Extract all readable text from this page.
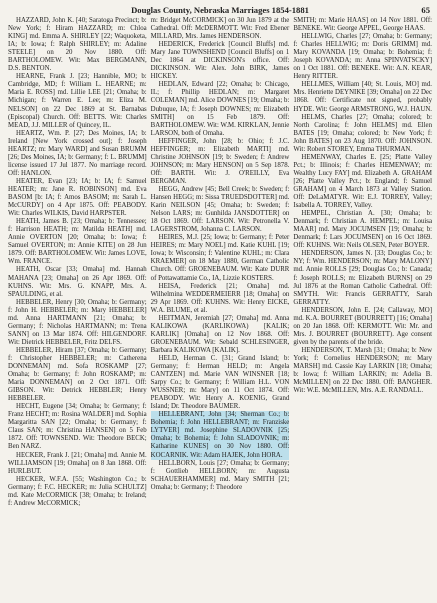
Douglas County, Nebraska Marriages 1854-1881	65

HAZZARD, John K. [40; Saratoga Precinct; b: New York; f: Hiram HAZZARD; m: Chloa KING] md. Emma A. SHIRLEY [22; Waquoketa, IA; b: Iowa; f: Ralph SHIRLEY; m: Adaline STEELE] on 20 Nov 1880. Off: BARTHOLOMEW. Wit: Max BERGMANN, D.S. BENTON.

HEARNE, Frank J. [23; Hannible, MO; b: Cambridge, MD; f: William L. HEARNE; m: Maria E. ROSS] md. Lillie LEE [21; Omaha; b: Michigan; f: Warren E. Lee; m: Eliza M. NELSON] on 22 Dec 1869 at St. Barnabas (Episcopal) Church. Off: BETTS. Wit: Charles MEAD, J.J. MILLER of Quincey, IL.

HEARTZ, Wm. P. [27; Des Moines, IA; b: Ireland [New York crossed out]; f: Joseph HEARTZ; m: Mary WARD] and Susan BRUMM [26; Des Moines, IA; b: Germany; f: L. BRUMM] license issued 17 Jul 1877. No marriage record. Off: HANLON.

HEATER, Evan [23; IA; b: IA; f: Samuel HEATER; m: Jane R. ROBINSON] md. Eva BASOM [b: IA; f: Amos BASOM; m: Sarah L. McCURDY] on 4 Apr 1875. Off: PEABODY. Wit: Charles WILKIS, David HARPSTER.

HEATH, James B. [23; Omaha; b: Tennessee; f: Harrison HEATH; m: Matilda HEATH] md. Annie OVERTON [20; Omaha; b: Iowa; f: Samuel OVERTON; m: Annie KITE] on 28 Jun 1879. Off: BARTHOLOMEW. Wit: James LOVE, Wm. FRANCE.

HEATH, Oscar [33; Omaha] md. Hannah MAHANA [23; Omaha] on 26 Apr 1869. Off: KUHNS. Wit: Mrs. G. KNAPP, Mrs. A. SPAULDING, et al.

HEBBELER, Henry [30; Omaha; b: Germany; f: John H. HEBBELER; m: Mary HEBBELER] md. Anna HARTMANN [21; Omaha; b: Germany; f: Nicholas HARTMANN; m: Trena SANN] on 13 Mar 1874. Off: HILGENDORF. Wit: Dietrick HEBBELER, Fritz DELFS.

HEBBELER, Hiram [37; Omaha; b: Germany; f: Christopher HEBBELER; m: Catherena DONNEMAN] md. Sofa ROSKAMP [27; Omaha; b: Germany; f: John ROSKAMP; m: Maria DONNEMAN] on 2 Oct 1871. Off: GIBSON. Wit: Detrick HEBBLER; Henry HEBBELER.

HECHT, Eugene [34; Omaha; b: Germany; f: Franz HECHT; m: Rosina WALDER] md. Sophia Margaritta SAN [22; Omaha; b: Germany; f: Claus SAN; m: Christina HANSEN] on 5 Feb 1872. Off: TOWNSEND. Wit: Theodore BECK; Ben NARZ.

HECKER, Frank J. [21; Omaha] md. Annie M. WILLIAMSON [19; Omaha] on 8 Jan 1868. Off: HURLBUT.

HECKER, W.F.A. [55; Washington Co.; b: Germany; f: F.C. HECKER; m: Julia SCHULTZ] md. Kate McCORMICK [38; Omaha; b: Ireland; f: Andrew McCORMICK;

m: Bridget McCORMICK] on 30 Jun 1879 at the Cathedral. Off: McDERMOTT. Wit: Fred Ebener MILLARD, Mrs. James HENDERSON.

HEDERICK, Frederick [Council Bluffs] md. Mary Jane TOWNSHEND [Council Bluffs] on 1 Dec 1864 at DICKINSON's office. Off: DICKINSON. Wit: Alex. John BIRK, James HICKEY.

HEDLAN, Edward [22; Omaha; b: Chicago, IL; f: Phillip HEDLAN; m: Margaret COLEMAN] md. Alice DOWNES [19; Omaha; b: Dubuque, IA; f: Joseph DOWNES; m: Elizabeth SMITH] on 15 Feb 1879. Off: BARTHOLOMEW. Wit: W.M. KIRKLAN, Jennie LARSON, both of Omaha.

HEFFINGER, John [28; b: Ohio; f: J.C. HEFFINGER; m: Elizabeth MARTI] md. Christine JOHNSON [19; b: Sweden; f: Andrew JOHNSON; m: Mary HENSON] on 5 Sep 1878. Off: BARTH. Wit: J. O'REILLY, Eva BERGMAN.

HEGG, Andrew [45; Bell Creek; b: Sweden; f: Hansen HEGG; m: Sissa TRUEDSDOTTER] md. Karin NEILSON [45; Omaha; b: Sweden; f: Nelson LARS; m: Gunhilda JANSDOTTER] on 18 Oct 1869. Off: LARSON. Wit: Petronella V. LAGERSTROM, Johanna C. LARSON.

HEIRES, M.J. [25; Iowa; b: Germany; f: Peter HEIRES; m: Mary NOEL] md. Katie KUHL [19; Iowa; b: Wisconsin; f: Valentine KUHL; m: Clara KRAEMER] on 18 May 1880, German Catholic Church. Off: GROENEBAUM. Wit: Kate DURR of Pottawattamie Co., IA, Lizzie KOSTERS.

HEISA, Frederick [21; Omaha] md. Wilhelmina WEDDERMEIERR [18; Omaha] on 29 Apr 1869. Off: KUHNS. Wit: Henry EICKE, W.A. BLUME, et al.

HEITMAN, Jeremiah [27; Omaha] md. Anna KALIKOWA (KARLIKOWA) [KALIK; KARLIK] [Omaha] on 12 Nov 1868. Off: GROENEBAUM. Wit: Sebald SCHLESINGER, Barbara KALIKOWA [KALIK].

HELD, Herman C. [31; Grand Island; b: Germany; f: Herman HELD; m: Angela CANTZEN] md. Marie VAN WINSNER [18; Sarpy Co.; b: Germany; f: William H.L. VON WUSSNER; m: Mary] on 11 Oct 1874. Off: PEABODY. Wit: Henry A. KOENIG, Grand Island; Dr. Theodore BAUMER.

HELLEBRANT, John [34; Sherman Co.; b: Bohemia; f: John HELLEBRANT; m: Franziske LYTVER] md. Josephine SLADOVNIK [25; Omaha; b: Bohemia; f: John SLADOVNIK; m: Katharine KUNES] on 30 Nov 1880. Off: KOCARNIK. Wit: Adam HAJEK, John HORA.

HELLBORN, Louis [27; Omaha; b: Germany; f: Gottlieb HELLBORN; m: Augusta SCHAUERHAMMER] md. Mary SMITH [21; Omaha; b: Germany; f: Theodore

SMITH; m: Marie HAAS] on 14 Nov 1881. Off: BENEKE. Wit: George APPEL, George HAAS.

HELLWIG, Charles [27; Omaha; b: Germany; f: Charles HELLWIG; m: Doris GRIMM] md. Mary KOVANDA [19; Omaha; b: Bohemia; f: Joseph KOVANDA; m: Anna SPINVATSCKY] on 1 Oct 1881. Off: BENEKE. Wit: A.N. KEAR, Henry RITTER.

HELLMES, William [40; St. Louis, MO] md. Mrs. Henriette DEYNIKE [39; Omaha] on 22 Dec 1868. Off: Certificate not signed, probably HYDE. Wit: George ARMSTRONG, W.J. HAUN.

HELMS, Charles [27; Omaha; colored; b: North Carolina; f: John HELMS] md. Ellen BATES [19; Omaha; colored; b: New York; f: John BATES] on 23 Aug 1870. Off: JOHNSON. Wit: Robert STOREY, Emma THURMAN.

HEMENWAY, Charles E. [25; Platte Valley Pct.; b: Illinois; f: Charles HEMENWAY; m: Wealthy Lucy FAY] md. Elizabeth A. GRAHAM [26; Platte Valley Pct.; b: England; f: Samuel GRAHAM] on 4 March 1873 at Valley Station. Off: DeLaMATYR. Wit: E.J. TORREY, Valley; Isabella A. TORREY, Valley.

HEMPEL, Christian A. [30; Omaha; b: Denmark; f: Christian A. HEMPEL; m: Louisa MAAR] md. Mary JOCUMSEN [19; Omaha; b: Denmark; f: Lars JOCUMSEN] on 16 Oct 1869. Off: KUHNS. Wit: Neils OLSEN, Peter BOYER.

HENDERSON, James N. [33; Douglas Co.; b: NY; f: Wm. HENDERSON; m: Mary MALONY] md. Annie ROLLS [29; Douglas Co.; b: Canada; f: Joseph ROLLS; m: Elizabeth BURNS] on 29 Jul 1876 at the Roman Catholic Cathedral. Off: SMYTH. Wit: Francis GERRATTY, Sarah GERRATTY.

HENDERSON, John E. [24; Callaway, MO] md. K.A. BOURRET (BOURRETT) [16; Omaha] on 20 Jan 1868. Off: KERMOTT. Wit: Mr. and Mrs. J. BOURRET (BOURRETT). Age consent given by the parents of the bride.

HENDERSON, T. Marsh [31; Omaha; b: New York; f: Cornelius HENDERSON; m: Mary MARSH] md. Cassie Kay LARKIN [18; Omaha; b: Iowa; f: William LARKIN; m: Adelia B. McMILLEN] on 22 Dec 1880. Off: BANGHER. Wit: W.E. McMILLEN, Mrs. A.E. RANDALL.
